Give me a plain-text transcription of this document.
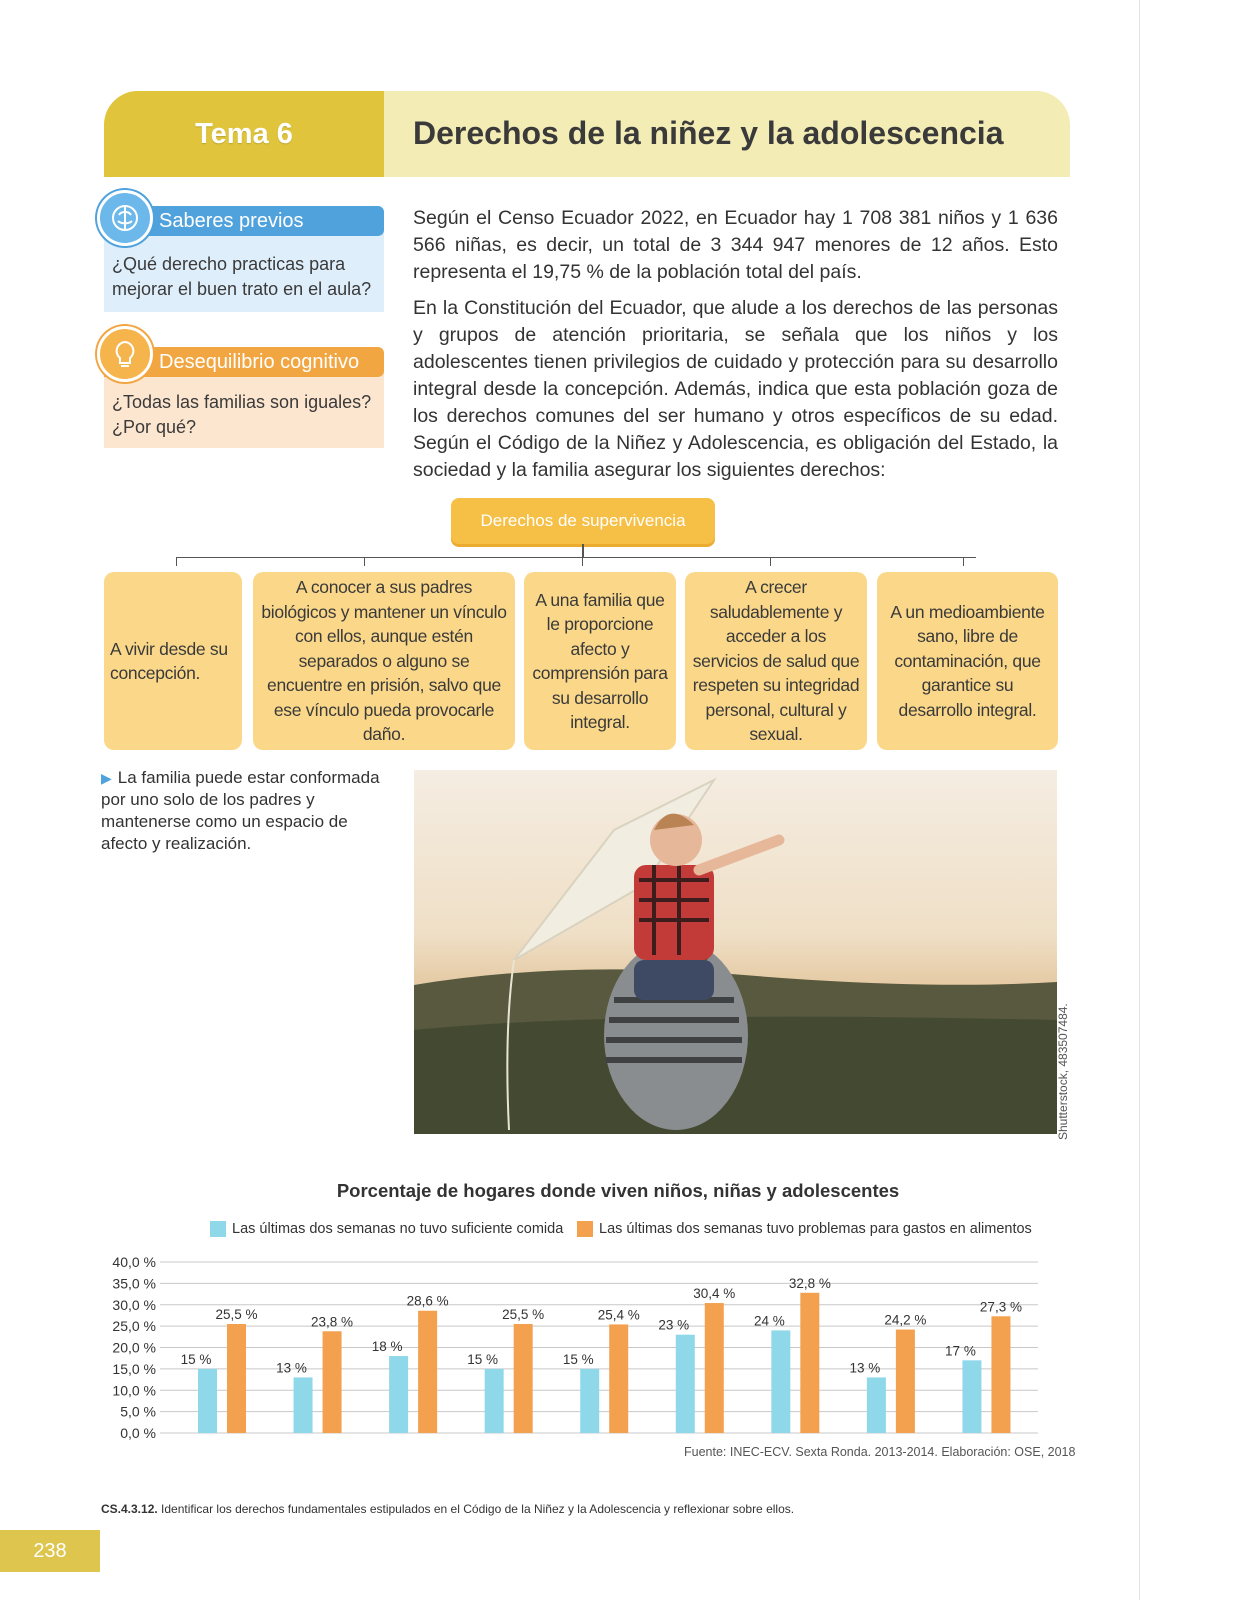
Tema 6	Derechos de la niñez y la adolescencia
¿Qué derecho practicas para mejorar el buen trato en el aula?
Saberes previos
¿Todas las familias son iguales? ¿Por qué?
Desequilibrio cognitivo

Según el Censo Ecuador 2022, en Ecuador hay 1 708 381 niños y 1 636 566 niñas, es decir, un total de 3 344 947 menores de 12 años. Esto representa el 19,75 % de la población total del país.

En la Constitución del Ecuador, que alude a los derechos de las personas y grupos de atención prioritaria, se señala que los niños y los adolescentes tienen privilegios de cuidado y protección para su desarrollo integral desde la concepción. Además, indica que esta población goza de los derechos comunes del ser humano y otros específicos de su edad. Según el Código de la Niñez y Adolescencia, es obligación del Estado, la sociedad y la familia asegurar los siguientes derechos:

Derechos de supervivencia
A vivir desde su concepción.
A conocer a sus padres biológicos y mantener un vínculo con ellos, aunque estén separados o alguno se encuentre en prisión, salvo que ese vínculo pueda provocarle daño.
A una familia que le proporcione afecto y comprensión para su desarrollo integral.
A crecer saludablemente y acceder a los servicios de salud que respeten su integridad personal, cultural y sexual.
A un medioambiente sano, libre de contaminación, que garantice su desarrollo integral.
▶ La familia puede estar conformada por uno solo de los padres y mantenerse como un espacio de afecto y realización.
Shutterstock, 483507484.
Porcentaje de hogares donde viven niños, niñas y adolescentes
Las últimas dos semanas no tuvo suficiente comida Las últimas dos semanas tuvo problemas para gastos en alimentos
40,0 %
35,0 %
30,0 %
25,0 %
20,0 %
15,0 %
10,0 %
5,0 %
0,0 %
15 %
25,5 %
13 %
23,8 %
18 %
28,6 %
15 %
25,5 %
15 %
25,4 %
23 %
30,4 %
24 %
32,8 %
13 %
24,2 %
17 %
27,3 %
Fuente: INEC-ECV. Sexta Ronda. 2013-2014. Elaboración: OSE, 2018
CS.4.3.12. Identificar los derechos fundamentales estipulados en el Código de la Niñez y la Adolescencia y reflexionar sobre ellos.
238
